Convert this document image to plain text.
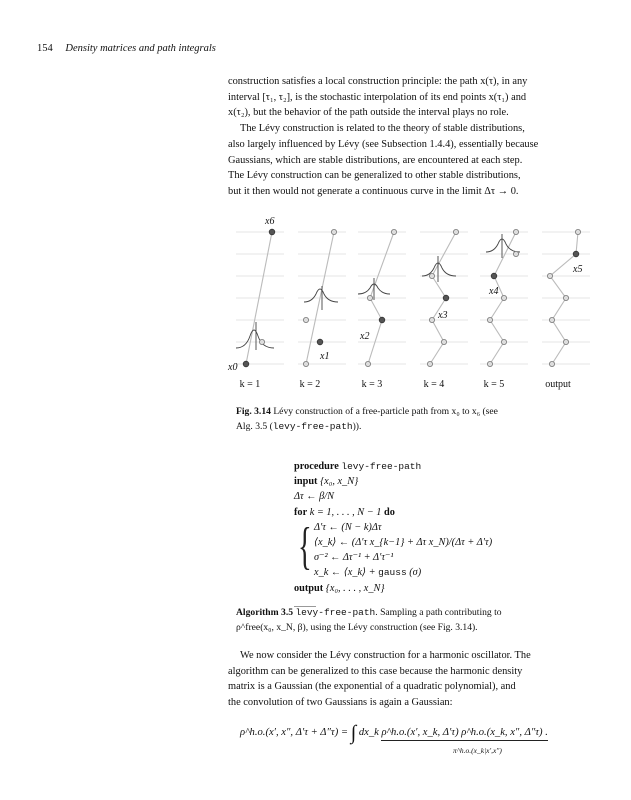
154 Density matrices and path integrals

construction satisfies a local construction principle: the path x(τ), in any

interval [τ₁, τ₂], is the stochastic interpolation of its end points x(τ₁) and

x(τ₂), but the behavior of the path outside the interval plays no role.

The Lévy construction is related to the theory of stable distributions,

also largely influenced by Lévy (see Subsection 1.4.4), essentially because

Gaussians, which are stable distributions, are encountered at each step.

The Lévy construction can be generalized to other stable distributions,

but it then would not generate a continuous curve in the limit Δτ → 0.

x0
x1
x2
x3
x4
x5
x6
k = 1	k = 2	k = 3	k = 4	k = 5	output
Fig. 3.14 Lévy construction of a free-particle path from x₀ to x₆ (see
Alg. 3.5 (levy-free-path)).
procedure levy-free-path
input {x₀, x_N}
Δτ ← β/N
for k = 1, . . . , N − 1 do
{ Δ′τ ← (N − k)Δτ
⟨x_k⟩ ← (Δ′τ x_{k−1} + Δτ x_N)/(Δτ + Δ′τ)
σ⁻² ← Δτ⁻¹ + Δ′τ⁻¹
x_k ← ⟨x_k⟩ + gauss (σ)
output {x₀, . . . , x_N}
Algorithm 3.5 levy-free-path. Sampling a path contributing to
ρ^free(x₀, x_N, β), using the Lévy construction (see Fig. 3.14).

We now consider the Lévy construction for a harmonic oscillator. The

algorithm can be generalized to this case because the harmonic density

matrix is a Gaussian (the exponential of a quadratic polynomial), and

the convolution of two Gaussians is again a Gaussian:

ρ^h.o.(x′, x″, Δ′τ + Δ″τ) = ∫ dx_k ρ^h.o.(x′, x_k, Δ′τ) ρ^h.o.(x_k, x″, Δ″τ) .
π^h.o.(x_k|x′,x″)
